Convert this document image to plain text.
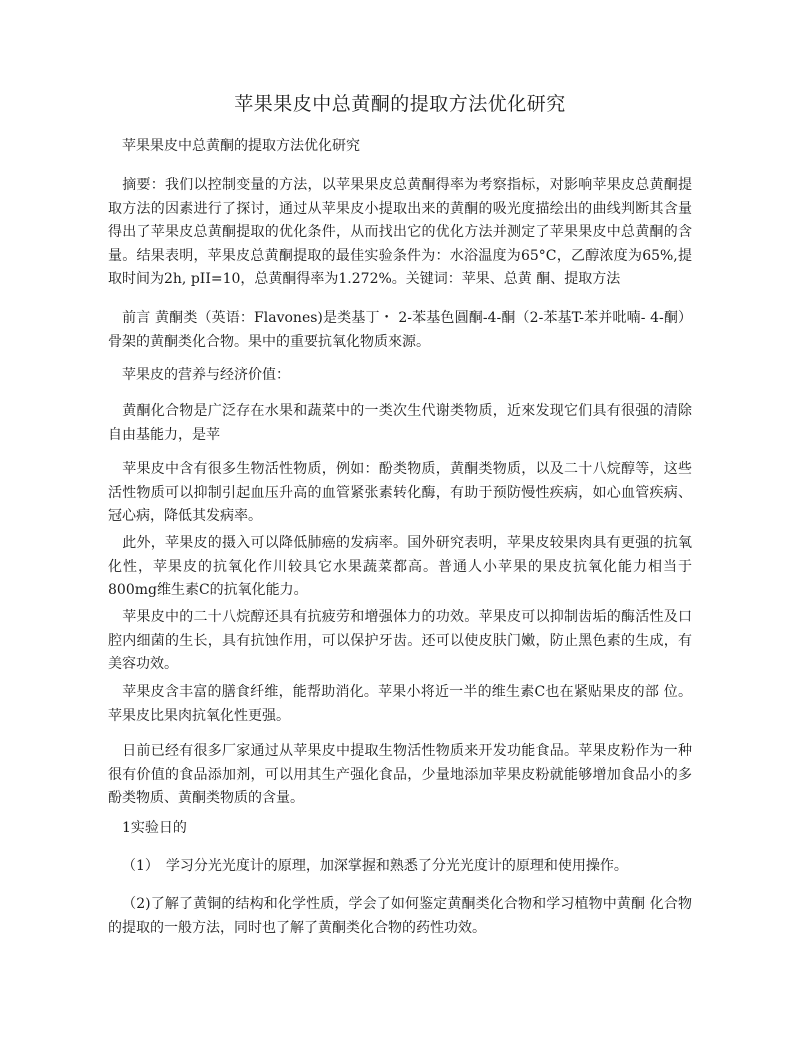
苹果果皮中总黄酮的提取方法优化研究
苹果果皮中总黄酮的提取方法优化研究
摘要：我们以控制变量的方法，以苹果果皮总黄酮得率为考察指标，对影响苹果皮总黄酮提取方法的因素进行了探讨，通过从苹果皮小提取出来的黄酮的吸光度描绘出的曲线判断其含量得出了苹果皮总黄酮提取的优化条件，从而找出它的优化方法并测定了苹果果皮中总黄酮的含量。结果表明，苹果皮总黄酮提取的最佳实验条件为：水浴温度为65°C，乙醇浓度为65%,提取时间为2h, pII=10，总黄酮得率为1.272%。关键词：苹果、总黄 酮、提取方法
前言 黄酮类（英语：Flavones)是类基丁・ 2-苯基色圓酮-4-酮（2-苯基T-苯并吡喃- 4-酮）骨架的黄酮类化合物。果中的重要抗氧化物质來源。
苹果皮的营养与经济价值：
黄酮化合物是广泛存在水果和蔬菜中的一类次生代谢类物质，近來发现它们具有很强的清除自由基能力，是苹
苹果皮中含有很多生物活性物质，例如：酚类物质，黄酮类物质，以及二十八烷醇等，这些活性物质可以抑制引起血压升高的血管紧张素转化酶，有助于预防慢性疾病，如心血管疾病、冠心病，降低其发病率。
此外，苹果皮的摄入可以降低肺癌的发病率。国外研究表明，苹果皮较果肉具有更强的抗氧化性，苹果皮的抗氧化作川较具它水果蔬菜都高。普通人小苹果的果皮抗氧化能力相当于800mg维生素C的抗氧化能力。
苹果皮中的二十八烷醇还具有抗疲劳和增强体力的功效。苹果皮可以抑制齿垢的酶活性及口腔内细菌的生长，具有抗蚀作用，可以保护牙齿。还可以使皮肤门嫩，防止黑色素的生成，有美容功效。
苹果皮含丰富的膳食纤维，能帮助消化。苹果小将近一半的维生素C也在紧贴果皮的部 位。苹果皮比果肉抗氧化性更强。
日前已经有很多厂家通过从苹果皮中提取生物活性物质来开发功能食品。苹果皮粉作为一种很有价值的食品添加剂，可以用其生产强化食品，少量地添加苹果皮粉就能够增加食品小的多酚类物质、黄酮类物质的含量。
1实验日的
（1）　学习分光光度计的原理，加深掌握和熟悉了分光光度计的原理和使用操作。
（2)了解了黄铜的结构和化学性质，学会了如何鉴定黄酮类化合物和学习植物中黄酮 化合物的提取的一般方法，同时也了解了黄酮类化合物的药性功效。
